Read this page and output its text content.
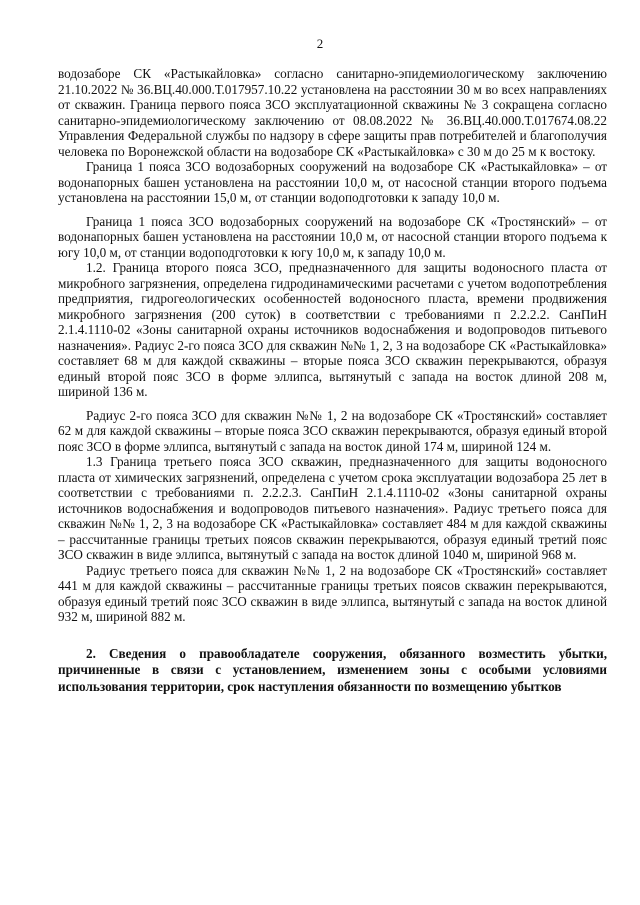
2

водозаборе СК «Растыкайловка» согласно санитарно-эпидемиологическому заключению 21.10.2022 № 36.ВЦ.40.000.Т.017957.10.22 установлена на расстоянии 30 м во всех направлениях от скважин. Граница первого пояса ЗСО эксплуатационной скважины № 3 сокращена согласно санитарно-эпидемиологическому заключению от 08.08.2022 № 36.ВЦ.40.000.Т.017674.08.22 Управления Федеральной службы по надзору в сфере защиты прав потребителей и благополучия человека по Воронежской области на водозаборе СК «Растыкайловка» с 30 м до 25 м к востоку.

Граница 1 пояса ЗСО водозаборных сооружений на водозаборе СК «Растыкайловка» – от водонапорных башен установлена на расстоянии 10,0 м, от насосной станции второго подъема установлена на расстоянии 15,0 м, от станции водоподготовки к западу 10,0 м.

Граница 1 пояса ЗСО водозаборных сооружений на водозаборе СК «Тростянский» – от водонапорных башен установлена на расстоянии 10,0 м, от насосной станции второго подъема к югу 10,0 м, от станции водоподготовки к югу 10,0 м, к западу 10,0 м.

1.2. Граница второго пояса ЗСО, предназначенного для защиты водоносного пласта от микробного загрязнения, определена гидродинамическими расчетами с учетом водопотребления предприятия, гидрогеологических особенностей водоносного пласта, времени продвижения микробного загрязнения (200 суток) в соответствии с требованиями п 2.2.2.2. СанПиН 2.1.4.1110-02 «Зоны санитарной охраны источников водоснабжения и водопроводов питьевого назначения». Радиус 2-го пояса ЗСО для скважин №№ 1, 2, 3 на водозаборе СК «Растыкайловка» составляет 68 м для каждой скважины – вторые пояса ЗСО скважин перекрываются, образуя единый второй пояс ЗСО в форме эллипса, вытянутый с запада на восток длиной 208 м, шириной 136 м.

Радиус 2-го пояса ЗСО для скважин №№ 1, 2 на водозаборе СК «Тростянский» составляет 62 м для каждой скважины – вторые пояса ЗСО скважин перекрываются, образуя единый второй пояс ЗСО в форме эллипса, вытянутый с запада на восток диной 174 м, шириной 124 м.

1.3 Граница третьего пояса ЗСО скважин, предназначенного для защиты водоносного пласта от химических загрязнений, определена с учетом срока эксплуатации водозабора 25 лет в соответствии с требованиями п. 2.2.2.3. СанПиН 2.1.4.1110-02 «Зоны санитарной охраны источников водоснабжения и водопроводов питьевого назначения». Радиус третьего пояса для скважин №№ 1, 2, 3 на водозаборе СК «Растыкайловка» составляет 484 м для каждой скважины – рассчитанные границы третьих поясов скважин перекрываются, образуя единый третий пояс ЗСО скважин в виде эллипса, вытянутый с запада на восток длиной 1040 м, шириной 968 м.

Радиус третьего пояса для скважин №№ 1, 2 на водозаборе СК «Тростянский» составляет 441 м для каждой скважины – рассчитанные границы третьих поясов скважин перекрываются, образуя единый третий пояс ЗСО скважин в виде эллипса, вытянутый с запада на восток длиной 932 м, шириной 882 м.

2. Сведения о правообладателе сооружения, обязанного возместить убытки, причиненные в связи с установлением, изменением зоны с особыми условиями использования территории, срок наступления обязанности по возмещению убытков
